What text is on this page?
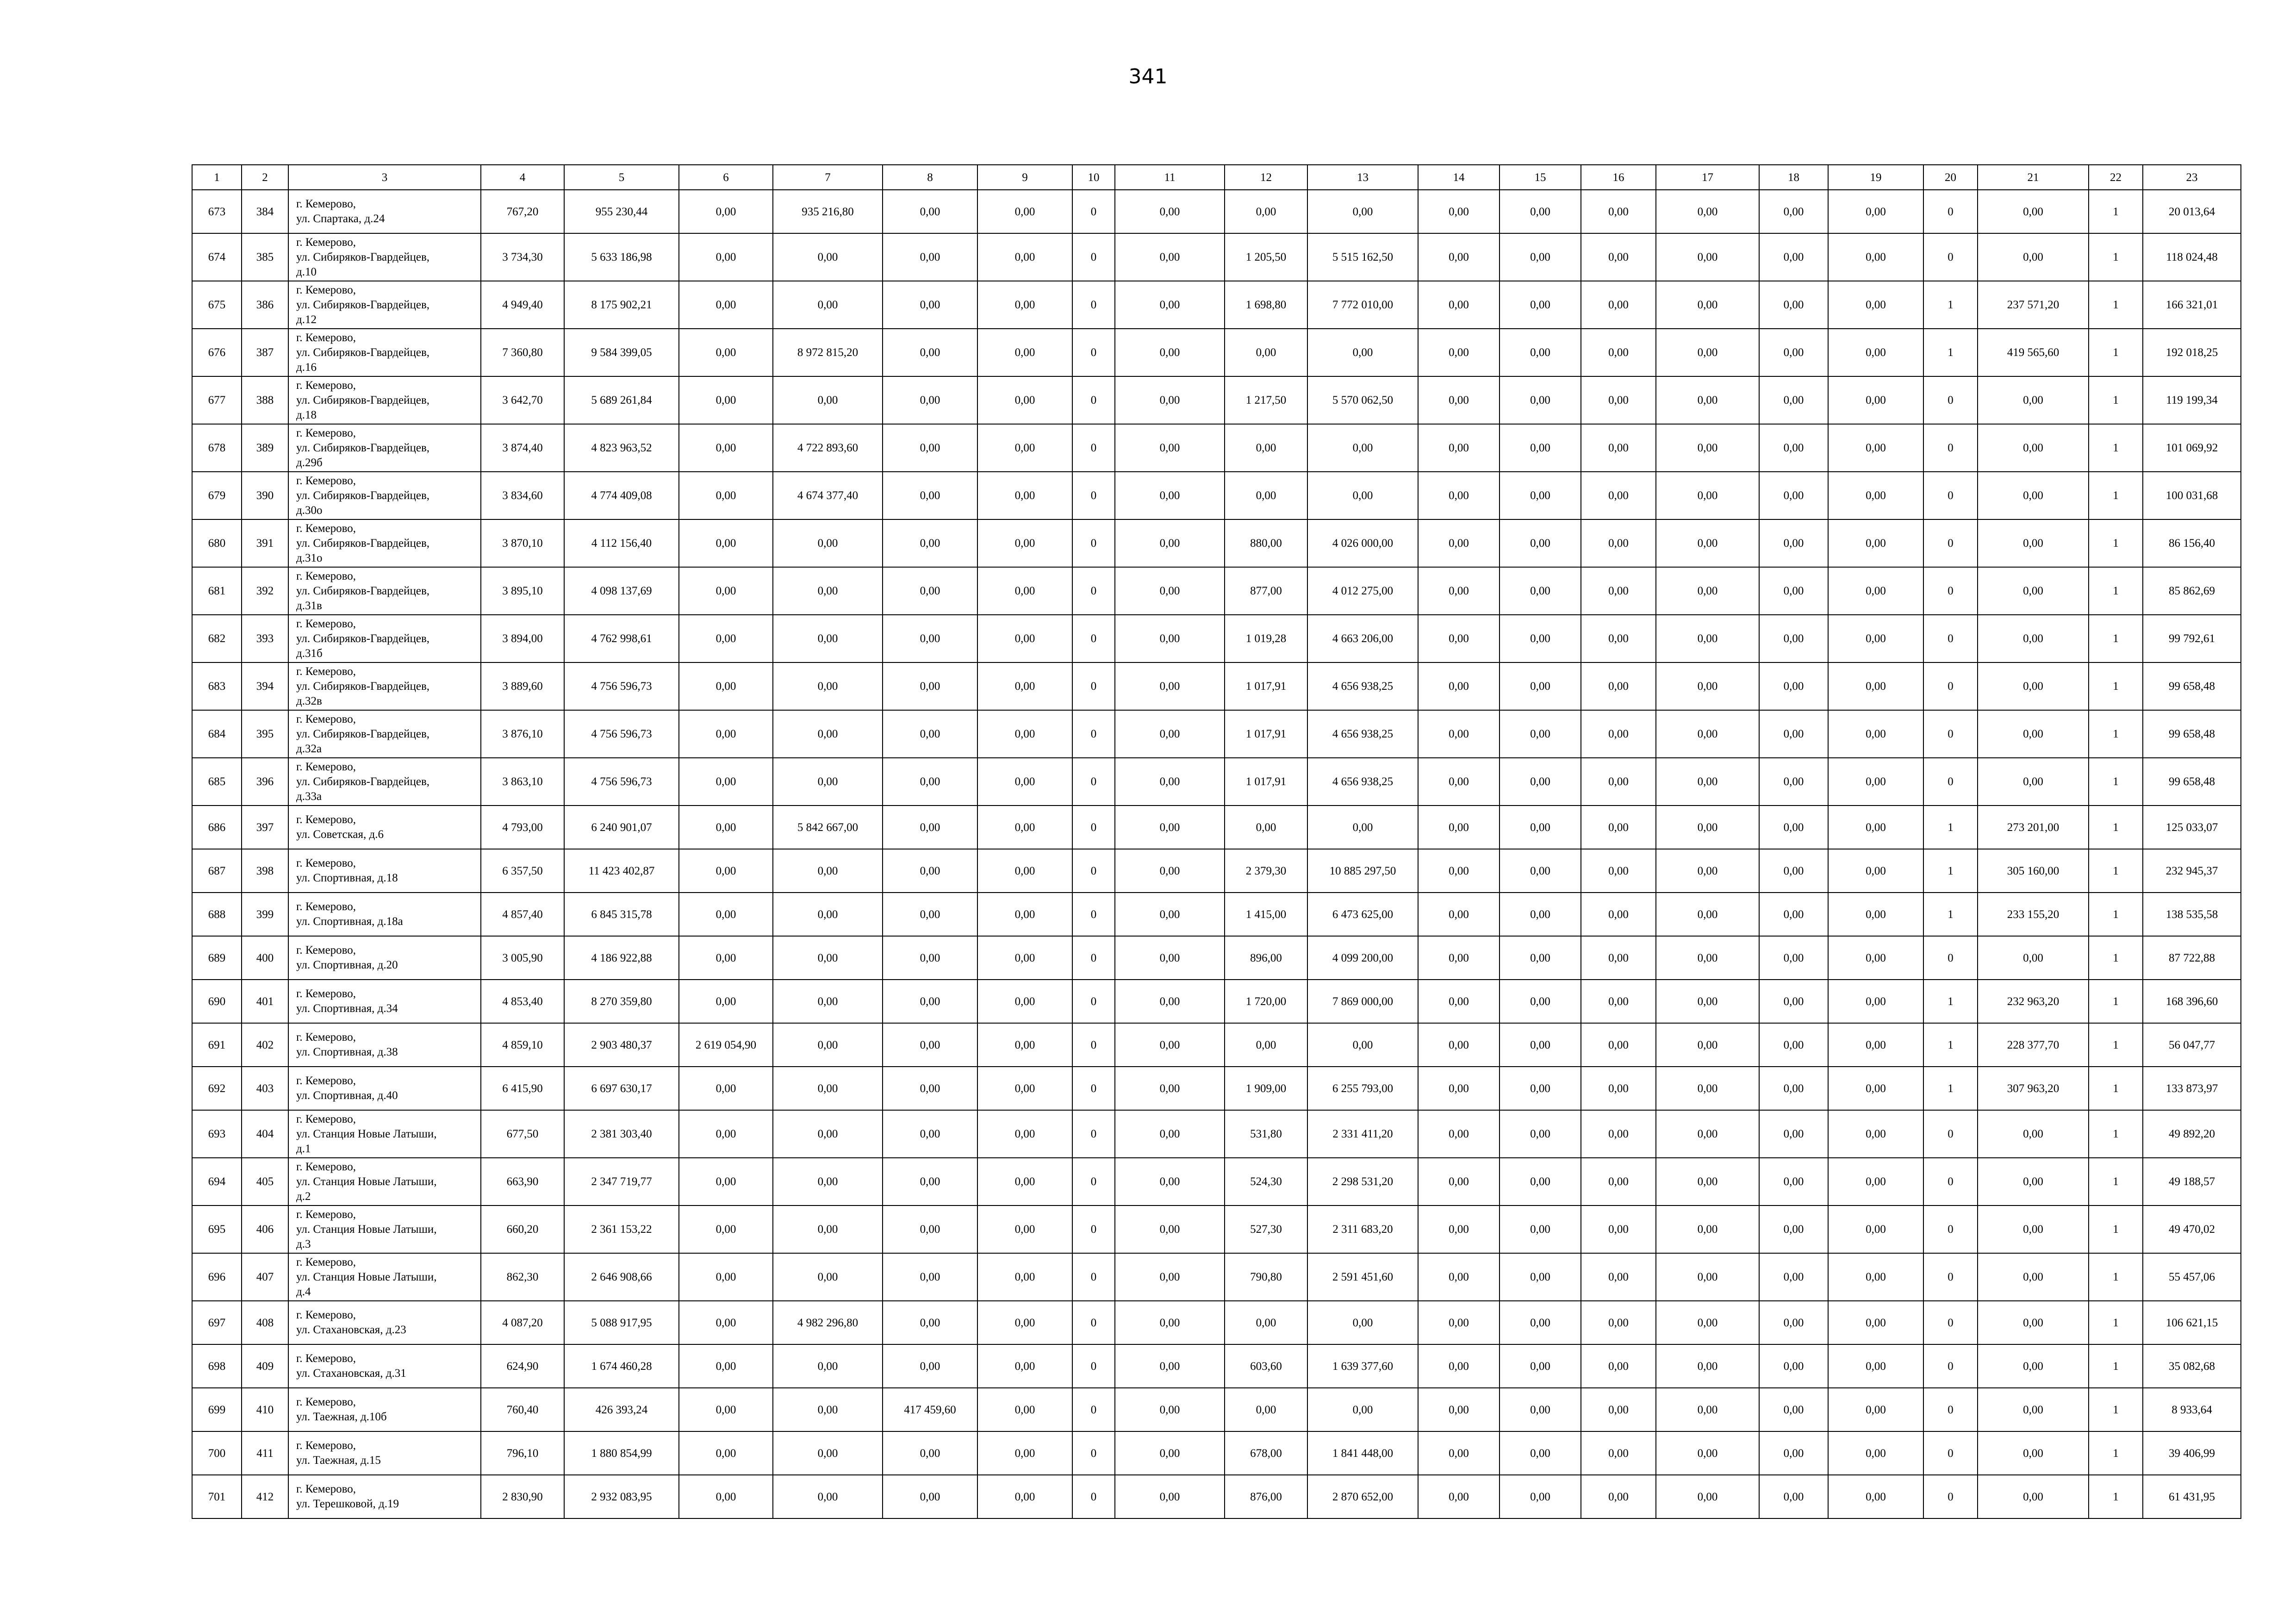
341
1	2	3	4	5	6	7	8	9	10	11	12	13	14	15	16	17	18	19	20	21	22	23
673	384	г. Кемерово,
ул. Спартака, д.24	767,20	955 230,44	0,00	935 216,80	0,00	0,00	0	0,00	0,00	0,00	0,00	0,00	0,00	0,00	0,00	0,00	0	0,00	1	20 013,64
674	385	г. Кемерово,
ул. Сибиряков-Гвардейцев,
д.10	3 734,30	5 633 186,98	0,00	0,00	0,00	0,00	0	0,00	1 205,50	5 515 162,50	0,00	0,00	0,00	0,00	0,00	0,00	0	0,00	1	118 024,48
675	386	г. Кемерово,
ул. Сибиряков-Гвардейцев,
д.12	4 949,40	8 175 902,21	0,00	0,00	0,00	0,00	0	0,00	1 698,80	7 772 010,00	0,00	0,00	0,00	0,00	0,00	0,00	1	237 571,20	1	166 321,01
676	387	г. Кемерово,
ул. Сибиряков-Гвардейцев,
д.16	7 360,80	9 584 399,05	0,00	8 972 815,20	0,00	0,00	0	0,00	0,00	0,00	0,00	0,00	0,00	0,00	0,00	0,00	1	419 565,60	1	192 018,25
677	388	г. Кемерово,
ул. Сибиряков-Гвардейцев,
д.18	3 642,70	5 689 261,84	0,00	0,00	0,00	0,00	0	0,00	1 217,50	5 570 062,50	0,00	0,00	0,00	0,00	0,00	0,00	0	0,00	1	119 199,34
678	389	г. Кемерово,
ул. Сибиряков-Гвардейцев,
д.29б	3 874,40	4 823 963,52	0,00	4 722 893,60	0,00	0,00	0	0,00	0,00	0,00	0,00	0,00	0,00	0,00	0,00	0,00	0	0,00	1	101 069,92
679	390	г. Кемерово,
ул. Сибиряков-Гвардейцев,
д.30о	3 834,60	4 774 409,08	0,00	4 674 377,40	0,00	0,00	0	0,00	0,00	0,00	0,00	0,00	0,00	0,00	0,00	0,00	0	0,00	1	100 031,68
680	391	г. Кемерово,
ул. Сибиряков-Гвардейцев,
д.31о	3 870,10	4 112 156,40	0,00	0,00	0,00	0,00	0	0,00	880,00	4 026 000,00	0,00	0,00	0,00	0,00	0,00	0,00	0	0,00	1	86 156,40
681	392	г. Кемерово,
ул. Сибиряков-Гвардейцев,
д.31в	3 895,10	4 098 137,69	0,00	0,00	0,00	0,00	0	0,00	877,00	4 012 275,00	0,00	0,00	0,00	0,00	0,00	0,00	0	0,00	1	85 862,69
682	393	г. Кемерово,
ул. Сибиряков-Гвардейцев,
д.31б	3 894,00	4 762 998,61	0,00	0,00	0,00	0,00	0	0,00	1 019,28	4 663 206,00	0,00	0,00	0,00	0,00	0,00	0,00	0	0,00	1	99 792,61
683	394	г. Кемерово,
ул. Сибиряков-Гвардейцев,
д.32в	3 889,60	4 756 596,73	0,00	0,00	0,00	0,00	0	0,00	1 017,91	4 656 938,25	0,00	0,00	0,00	0,00	0,00	0,00	0	0,00	1	99 658,48
684	395	г. Кемерово,
ул. Сибиряков-Гвардейцев,
д.32а	3 876,10	4 756 596,73	0,00	0,00	0,00	0,00	0	0,00	1 017,91	4 656 938,25	0,00	0,00	0,00	0,00	0,00	0,00	0	0,00	1	99 658,48
685	396	г. Кемерово,
ул. Сибиряков-Гвардейцев,
д.33а	3 863,10	4 756 596,73	0,00	0,00	0,00	0,00	0	0,00	1 017,91	4 656 938,25	0,00	0,00	0,00	0,00	0,00	0,00	0	0,00	1	99 658,48
686	397	г. Кемерово,
ул. Советская, д.6	4 793,00	6 240 901,07	0,00	5 842 667,00	0,00	0,00	0	0,00	0,00	0,00	0,00	0,00	0,00	0,00	0,00	0,00	1	273 201,00	1	125 033,07
687	398	г. Кемерово,
ул. Спортивная, д.18	6 357,50	11 423 402,87	0,00	0,00	0,00	0,00	0	0,00	2 379,30	10 885 297,50	0,00	0,00	0,00	0,00	0,00	0,00	1	305 160,00	1	232 945,37
688	399	г. Кемерово,
ул. Спортивная, д.18а	4 857,40	6 845 315,78	0,00	0,00	0,00	0,00	0	0,00	1 415,00	6 473 625,00	0,00	0,00	0,00	0,00	0,00	0,00	1	233 155,20	1	138 535,58
689	400	г. Кемерово,
ул. Спортивная, д.20	3 005,90	4 186 922,88	0,00	0,00	0,00	0,00	0	0,00	896,00	4 099 200,00	0,00	0,00	0,00	0,00	0,00	0,00	0	0,00	1	87 722,88
690	401	г. Кемерово,
ул. Спортивная, д.34	4 853,40	8 270 359,80	0,00	0,00	0,00	0,00	0	0,00	1 720,00	7 869 000,00	0,00	0,00	0,00	0,00	0,00	0,00	1	232 963,20	1	168 396,60
691	402	г. Кемерово,
ул. Спортивная, д.38	4 859,10	2 903 480,37	2 619 054,90	0,00	0,00	0,00	0	0,00	0,00	0,00	0,00	0,00	0,00	0,00	0,00	0,00	1	228 377,70	1	56 047,77
692	403	г. Кемерово,
ул. Спортивная, д.40	6 415,90	6 697 630,17	0,00	0,00	0,00	0,00	0	0,00	1 909,00	6 255 793,00	0,00	0,00	0,00	0,00	0,00	0,00	1	307 963,20	1	133 873,97
693	404	г. Кемерово,
ул. Станция Новые Латыши,
д.1	677,50	2 381 303,40	0,00	0,00	0,00	0,00	0	0,00	531,80	2 331 411,20	0,00	0,00	0,00	0,00	0,00	0,00	0	0,00	1	49 892,20
694	405	г. Кемерово,
ул. Станция Новые Латыши,
д.2	663,90	2 347 719,77	0,00	0,00	0,00	0,00	0	0,00	524,30	2 298 531,20	0,00	0,00	0,00	0,00	0,00	0,00	0	0,00	1	49 188,57
695	406	г. Кемерово,
ул. Станция Новые Латыши,
д.3	660,20	2 361 153,22	0,00	0,00	0,00	0,00	0	0,00	527,30	2 311 683,20	0,00	0,00	0,00	0,00	0,00	0,00	0	0,00	1	49 470,02
696	407	г. Кемерово,
ул. Станция Новые Латыши,
д.4	862,30	2 646 908,66	0,00	0,00	0,00	0,00	0	0,00	790,80	2 591 451,60	0,00	0,00	0,00	0,00	0,00	0,00	0	0,00	1	55 457,06
697	408	г. Кемерово,
ул. Стахановская, д.23	4 087,20	5 088 917,95	0,00	4 982 296,80	0,00	0,00	0	0,00	0,00	0,00	0,00	0,00	0,00	0,00	0,00	0,00	0	0,00	1	106 621,15
698	409	г. Кемерово,
ул. Стахановская, д.31	624,90	1 674 460,28	0,00	0,00	0,00	0,00	0	0,00	603,60	1 639 377,60	0,00	0,00	0,00	0,00	0,00	0,00	0	0,00	1	35 082,68
699	410	г. Кемерово,
ул. Таежная, д.10б	760,40	426 393,24	0,00	0,00	417 459,60	0,00	0	0,00	0,00	0,00	0,00	0,00	0,00	0,00	0,00	0,00	0	0,00	1	8 933,64
700	411	г. Кемерово,
ул. Таежная, д.15	796,10	1 880 854,99	0,00	0,00	0,00	0,00	0	0,00	678,00	1 841 448,00	0,00	0,00	0,00	0,00	0,00	0,00	0	0,00	1	39 406,99
701	412	г. Кемерово,
ул. Терешковой, д.19	2 830,90	2 932 083,95	0,00	0,00	0,00	0,00	0	0,00	876,00	2 870 652,00	0,00	0,00	0,00	0,00	0,00	0,00	0	0,00	1	61 431,95
